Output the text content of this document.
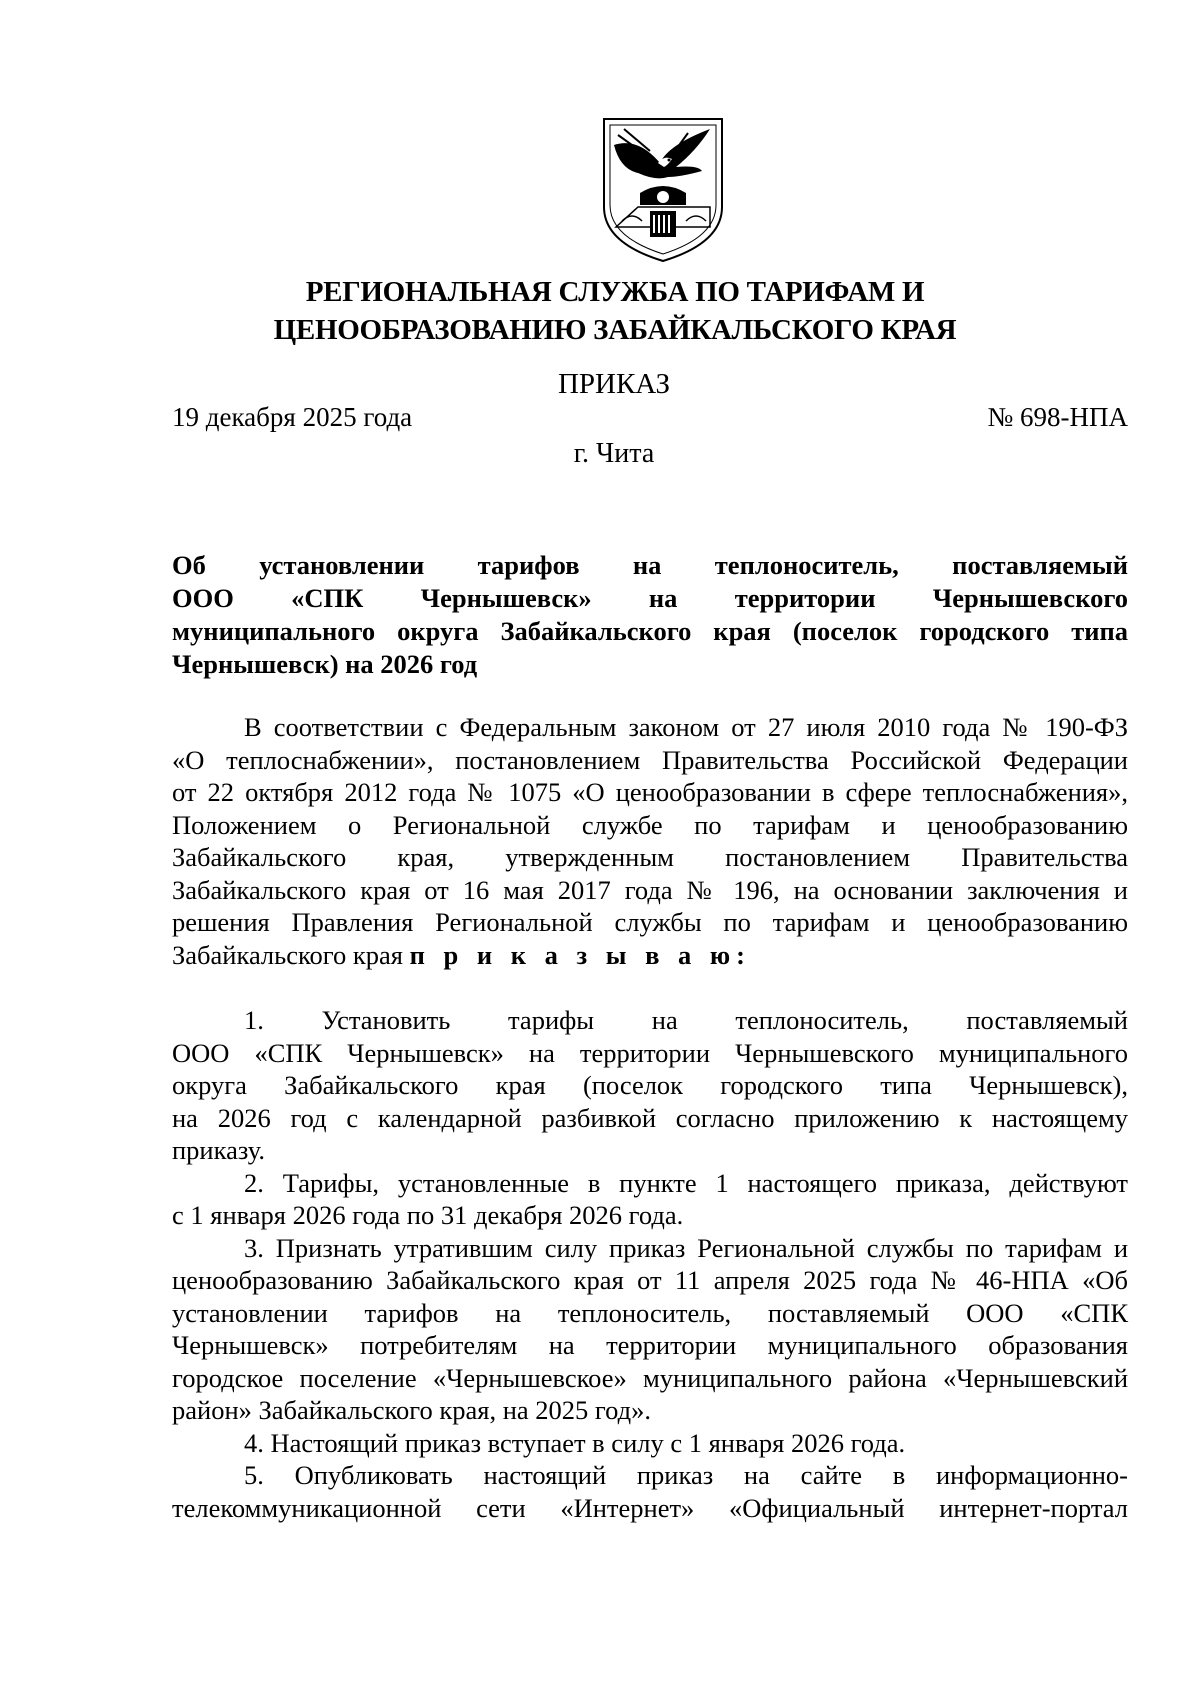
РЕГИОНАЛЬНАЯ СЛУЖБА ПО ТАРИФАМ И
ЦЕНООБРАЗОВАНИЮ ЗАБАЙКАЛЬСКОГО КРАЯ
ПРИКАЗ
19 декабря 2025 года	№ 698-НПА
г. Чита
Об установлении тарифов на теплоноситель, поставляемый
ООО «СПК Чернышевск» на территории Чернышевского
муниципального округа Забайкальского края (поселок городского типа
Чернышевск) на 2026 год
В соответствии с Федеральным законом от 27 июля 2010 года № 190-ФЗ
«О теплоснабжении», постановлением Правительства Российской Федерации
от 22 октября 2012 года № 1075 «О ценообразовании в сфере теплоснабжения»,
Положением о Региональной службе по тарифам и ценообразованию
Забайкальского края, утвержденным постановлением Правительства
Забайкальского края от 16 мая 2017 года № 196, на основании заключения и
решения Правления Региональной службы по тарифам и ценообразованию
Забайкальского края п р и к а з ы в а ю:
1. Установить тарифы на теплоноситель, поставляемый
ООО «СПК Чернышевск» на территории Чернышевского муниципального
округа Забайкальского края (поселок городского типа Чернышевск),
на 2026 год с календарной разбивкой согласно приложению к настоящему
приказу.
2. Тарифы, установленные в пункте 1 настоящего приказа, действуют
с 1 января 2026 года по 31 декабря 2026 года.
3. Признать утратившим силу приказ Региональной службы по тарифам и
ценообразованию Забайкальского края от 11 апреля 2025 года № 46-НПА «Об
установлении тарифов на теплоноситель, поставляемый ООО «СПК
Чернышевск» потребителям на территории муниципального образования
городское поселение «Чернышевское» муниципального района «Чернышевский
район» Забайкальского края, на 2025 год».
4. Настоящий приказ вступает в силу с 1 января 2026 года.
5. Опубликовать настоящий приказ на сайте в информационно-
телекоммуникационной сети «Интернет» «Официальный интернет-портал
